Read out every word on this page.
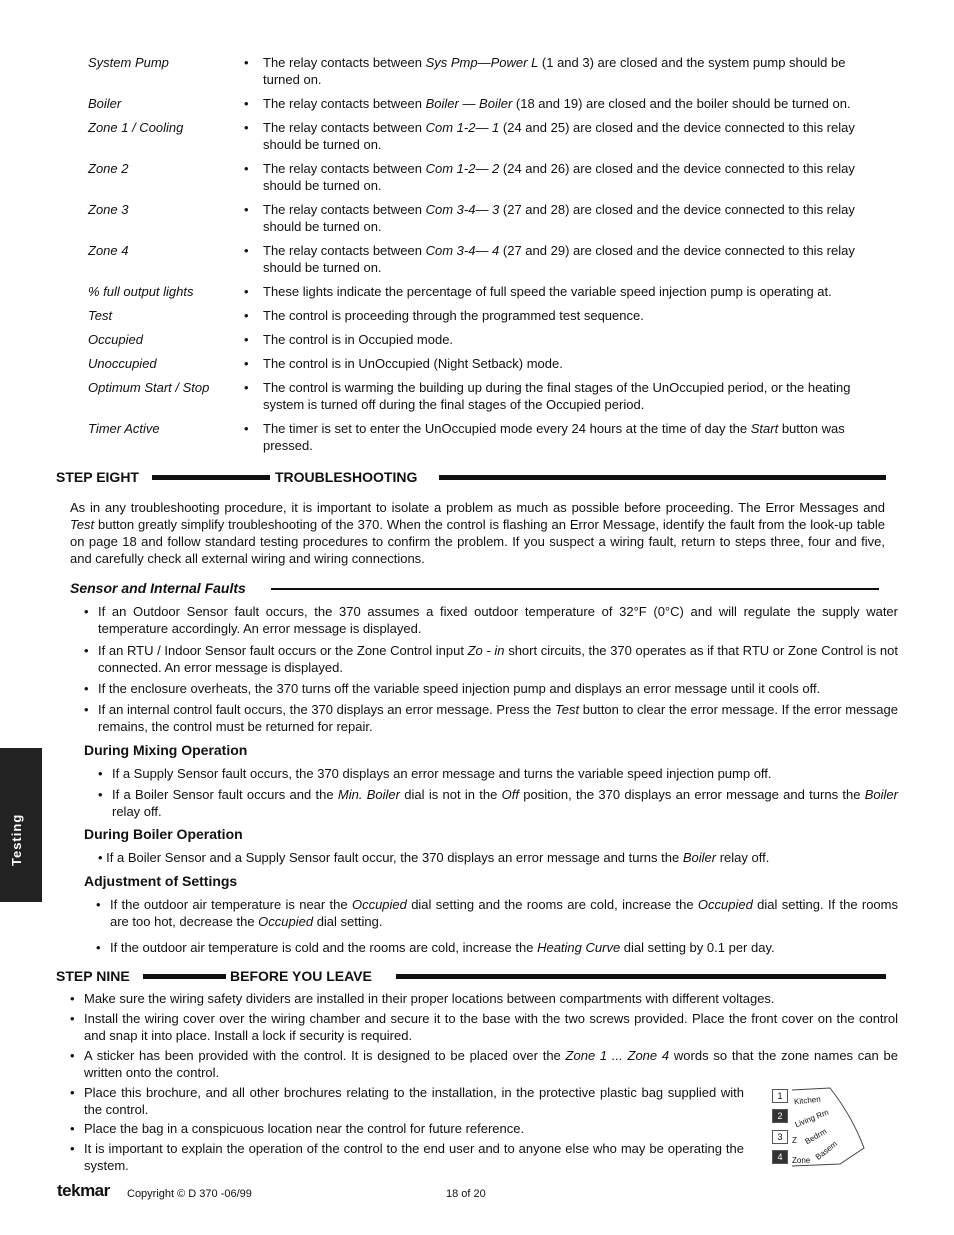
System Pump	•	The relay contacts between Sys Pmp—Power L (1 and 3) are closed and the system pump should be turned on.
Boiler	•	The relay contacts between Boiler — Boiler (18 and 19) are closed and the boiler should be turned on.
Zone 1 / Cooling	•	The relay contacts between Com 1-2— 1 (24 and 25) are closed and the device connected to this relay should be turned on.
Zone 2	•	The relay contacts between Com 1-2— 2 (24 and 26) are closed and the device connected to this relay should be turned on.
Zone 3	•	The relay contacts between Com 3-4— 3 (27 and 28) are closed and the device connected to this relay should be turned on.
Zone 4	•	The relay contacts between Com 3-4— 4 (27 and 29) are closed and the device connected to this relay should be turned on.
% full output lights	•	These lights indicate the percentage of full speed the variable speed injection pump is operating at.
Test	•	The control is proceeding through the programmed test sequence.
Occupied	•	The control is in Occupied mode.
Unoccupied	•	The control is in UnOccupied (Night Setback) mode.
Optimum Start / Stop	•	The control is warming the building up during the final stages of the UnOccupied period, or the heating system is turned off during the final stages of the Occupied period.
Timer Active	•	The timer is set to enter the UnOccupied mode every 24 hours at the time of day the Start button was pressed.
STEP EIGHT	TROUBLESHOOTING
As in any troubleshooting procedure, it is important to isolate a problem as much as possible before proceeding. The Error Messages and Test button greatly simplify troubleshooting of the 370. When the control is flashing an Error Message, identify the fault from the look-up table on page 18 and follow standard testing procedures to confirm the problem. If you suspect a wiring fault, return to steps three, four and five, and carefully check all external wiring and wiring connections.
Sensor and Internal Faults
• If an Outdoor Sensor fault occurs, the 370 assumes a fixed outdoor temperature of 32°F (0°C) and will regulate the supply water temperature accordingly. An error message is displayed.
• If an RTU / Indoor Sensor fault occurs or the Zone Control input Zo - in short circuits, the 370 operates as if that RTU or Zone Control is not connected. An error message is displayed.
• If the enclosure overheats, the 370 turns off the variable speed injection pump and displays an error message until it cools off.
• If an internal control fault occurs, the 370 displays an error message. Press the Test button to clear the error message. If the error message remains, the control must be returned for repair.
During Mixing Operation
• If a Supply Sensor fault occurs, the 370 displays an error message and turns the variable speed injection pump off.
• If a Boiler Sensor fault occurs and the Min. Boiler dial is not in the Off position, the 370 displays an error message and turns the Boiler relay off.
During Boiler Operation
• If a Boiler Sensor and a Supply Sensor fault occur, the 370 displays an error message and turns the Boiler relay off.
Adjustment of Settings
• If the outdoor air temperature is near the Occupied dial setting and the rooms are cold, increase the Occupied dial setting. If the rooms are too hot, decrease the Occupied dial setting.
• If the outdoor air temperature is cold and the rooms are cold, increase the Heating Curve dial setting by 0.1 per day.
STEP NINE	BEFORE YOU LEAVE
• Make sure the wiring safety dividers are installed in their proper locations between compartments with different voltages.
• Install the wiring cover over the wiring chamber and secure it to the base with the two screws provided. Place the front cover on the control and snap it into place. Install a lock if security is required.
• A sticker has been provided with the control. It is designed to be placed over the Zone 1 ... Zone 4 words so that the zone names can be written onto the control.
• Place this brochure, and all other brochures relating to the installation, in the protective plastic bag supplied with the control.
• Place the bag in a conspicuous location near the control for future reference.
• It is important to explain the operation of the control to the end user and to anyone else who may be operating the system.
1
2
3
4
Kitchen
Living Rm
Z Bedrm
Zone Basem
Testing
tekmar Copyright © D 370 -06/99	18 of 20
